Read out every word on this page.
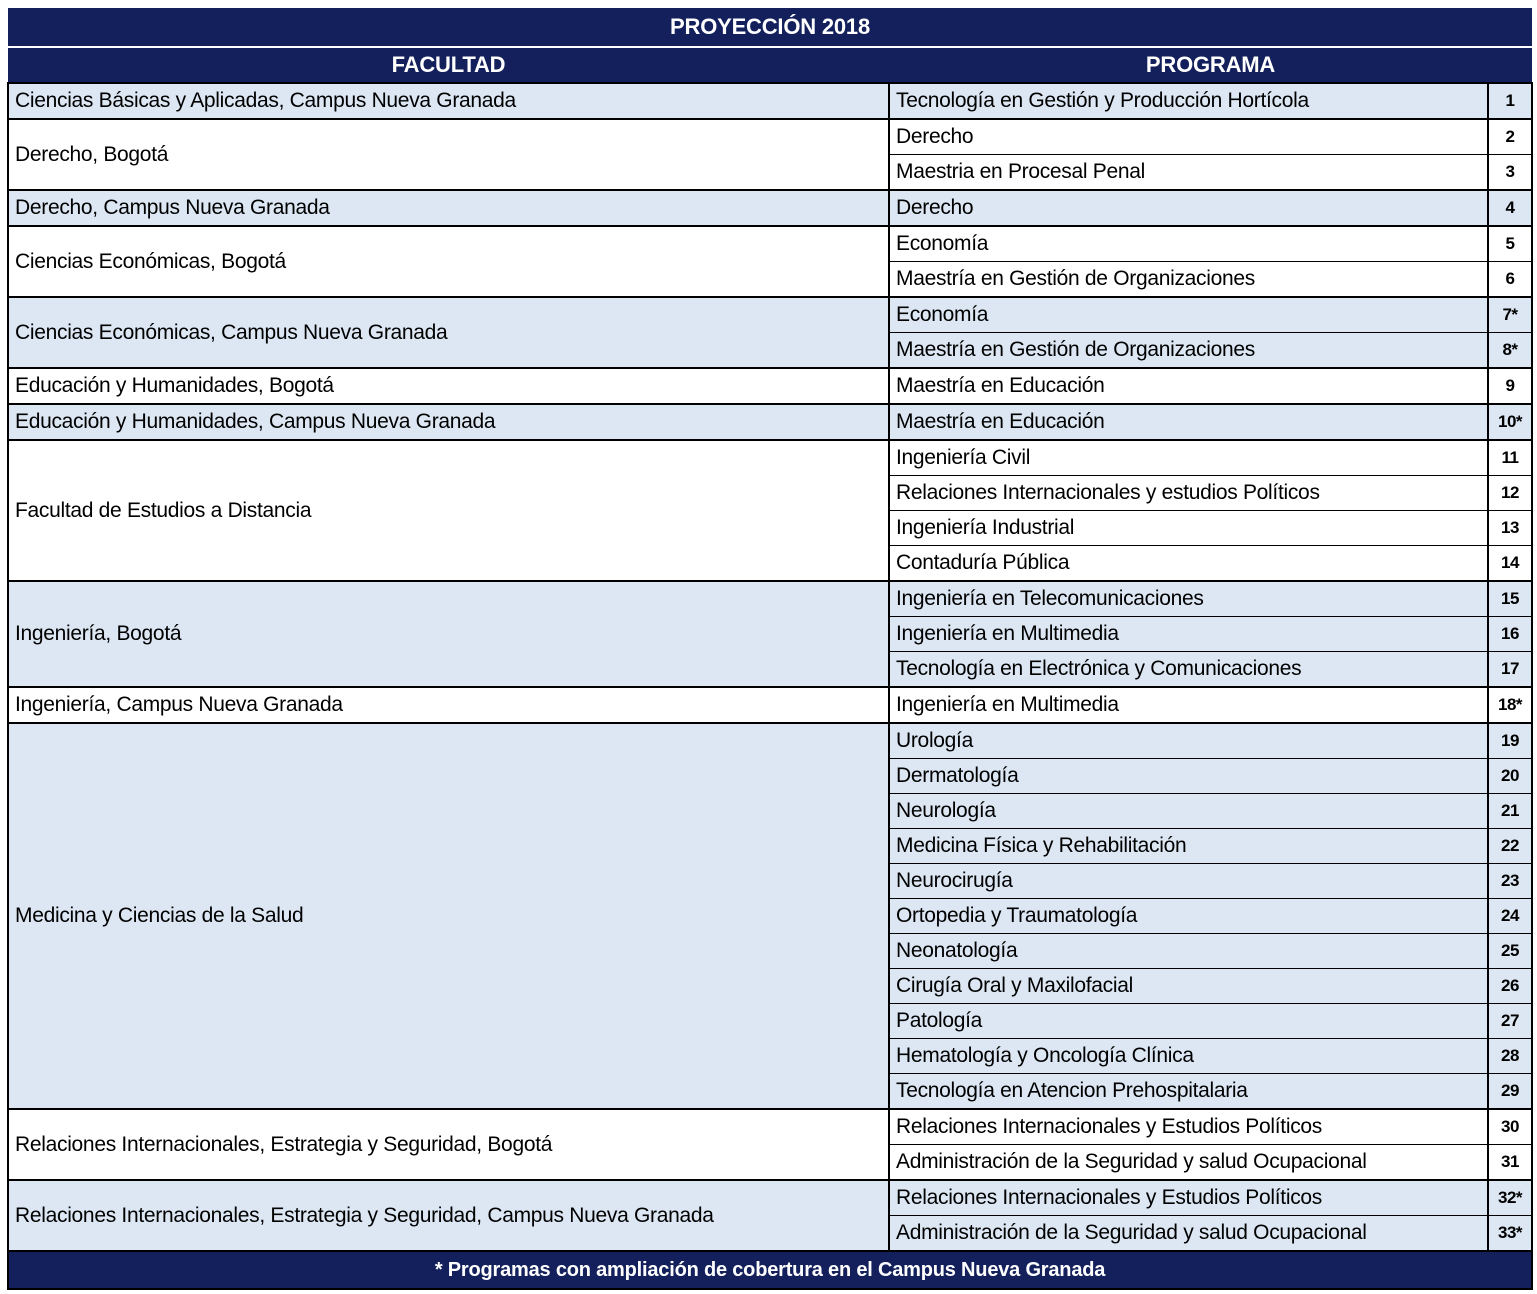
PROYECCIÓN 2018		
FACULTAD	PROGRAMA	
Ciencias Básicas y Aplicadas, Campus Nueva Granada	Tecnología en Gestión y Producción Hortícola	1
Derecho, Bogotá	Derecho	2
	Maestria en Procesal Penal	3
Derecho, Campus Nueva Granada	Derecho	4
Ciencias Económicas, Bogotá	Economía	5
	Maestría en Gestión de Organizaciones	6
Ciencias Económicas, Campus Nueva Granada	Economía	7*
	Maestría en Gestión de Organizaciones	8*
Educación y Humanidades, Bogotá	Maestría en Educación	9
Educación y Humanidades, Campus Nueva Granada	Maestría en Educación	10*
Facultad de Estudios a Distancia	Ingeniería Civil	11
	Relaciones Internacionales y estudios Políticos	12
	Ingeniería Industrial	13
	Contaduría Pública	14
Ingeniería, Bogotá	Ingeniería en Telecomunicaciones	15
	Ingeniería en Multimedia	16
	Tecnología en Electrónica y Comunicaciones	17
Ingeniería, Campus Nueva Granada	Ingeniería en Multimedia	18*
Medicina y Ciencias de la Salud	Urología	19
	Dermatología	20
	Neurología	21
	Medicina Física y Rehabilitación	22
	Neurocirugía	23
	Ortopedia y Traumatología	24
	Neonatología	25
	Cirugía Oral y Maxilofacial	26
	Patología	27
	Hematología y Oncología Clínica	28
	Tecnología en Atencion Prehospitalaria	29
Relaciones Internacionales, Estrategia y Seguridad, Bogotá	Relaciones Internacionales y Estudios Políticos	30
	Administración de la Seguridad y salud Ocupacional	31
Relaciones Internacionales, Estrategia y Seguridad, Campus Nueva Granada	Relaciones Internacionales y Estudios Políticos	32*
	Administración de la Seguridad y salud Ocupacional	33*
* Programas con ampliación de cobertura en el Campus Nueva Granada		
